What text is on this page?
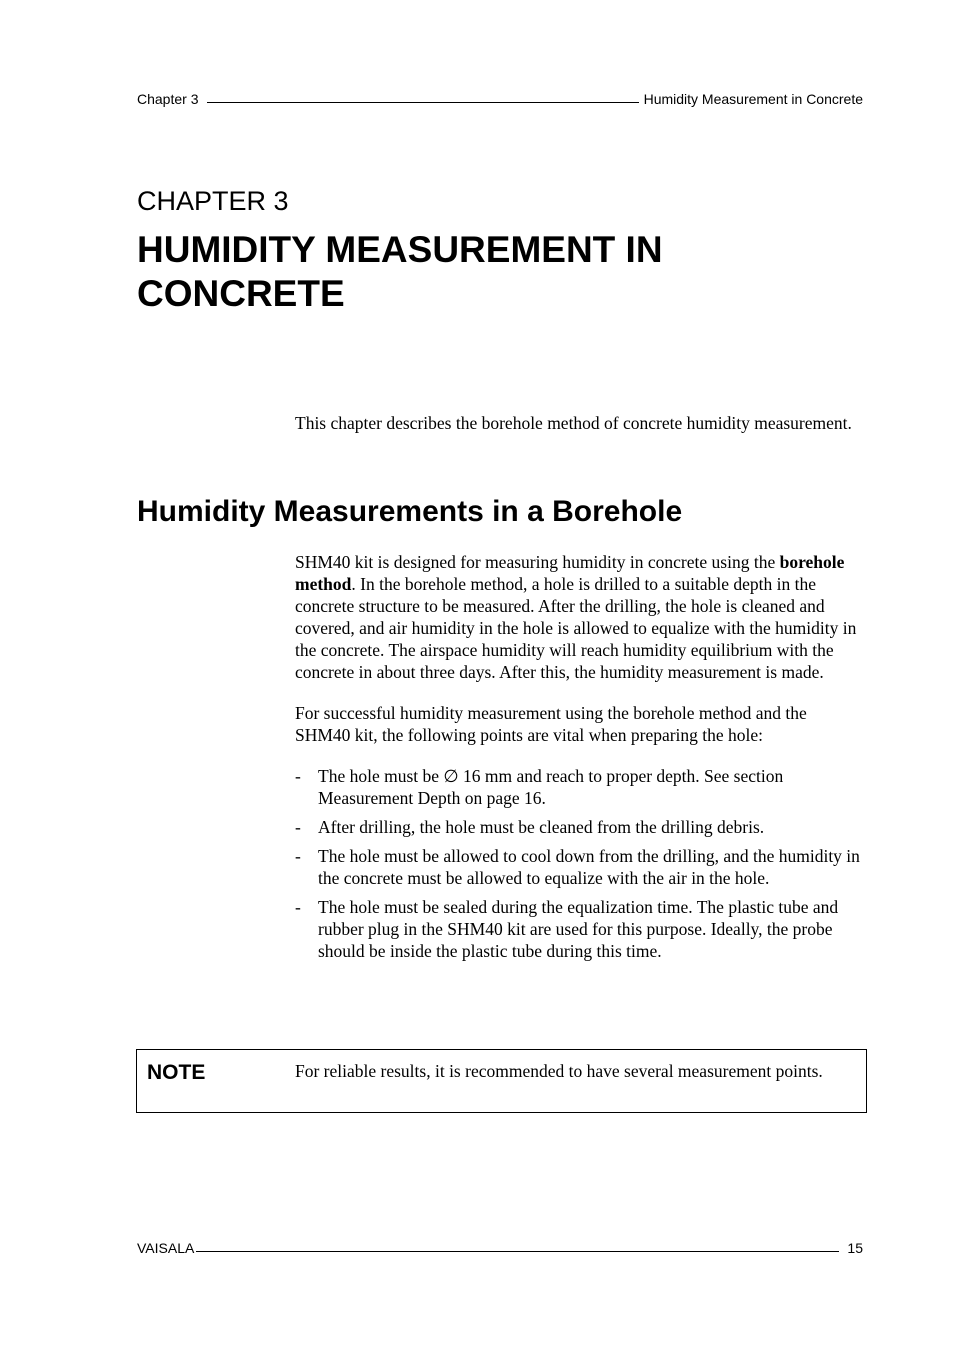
Chapter 3	Humidity Measurement in Concrete
CHAPTER 3
HUMIDITY MEASUREMENT IN CONCRETE

This chapter describes the borehole method of concrete humidity measurement.

Humidity Measurements in a Borehole

SHM40 kit is designed for measuring humidity in concrete using the borehole method. In the borehole method, a hole is drilled to a suitable depth in the concrete structure to be measured. After the drilling, the hole is cleaned and covered, and air humidity in the hole is allowed to equalize with the humidity in the concrete. The airspace humidity will reach humidity equilibrium with the concrete in about three days. After this, the humidity measurement is made.

For successful humidity measurement using the borehole method and the SHM40 kit, the following points are vital when preparing the hole:

- The hole must be ∅ 16 mm and reach to proper depth. See section Measurement Depth on page 16.
- After drilling, the hole must be cleaned from the drilling debris.
- The hole must be allowed to cool down from the drilling, and the humidity in the concrete must be allowed to equalize with the air in the hole.
- The hole must be sealed during the equalization time. The plastic tube and rubber plug in the SHM40 kit are used for this purpose. Ideally, the probe should be inside the plastic tube during this time.
NOTE	For reliable results, it is recommended to have several measurement points.
VAISALA	15
